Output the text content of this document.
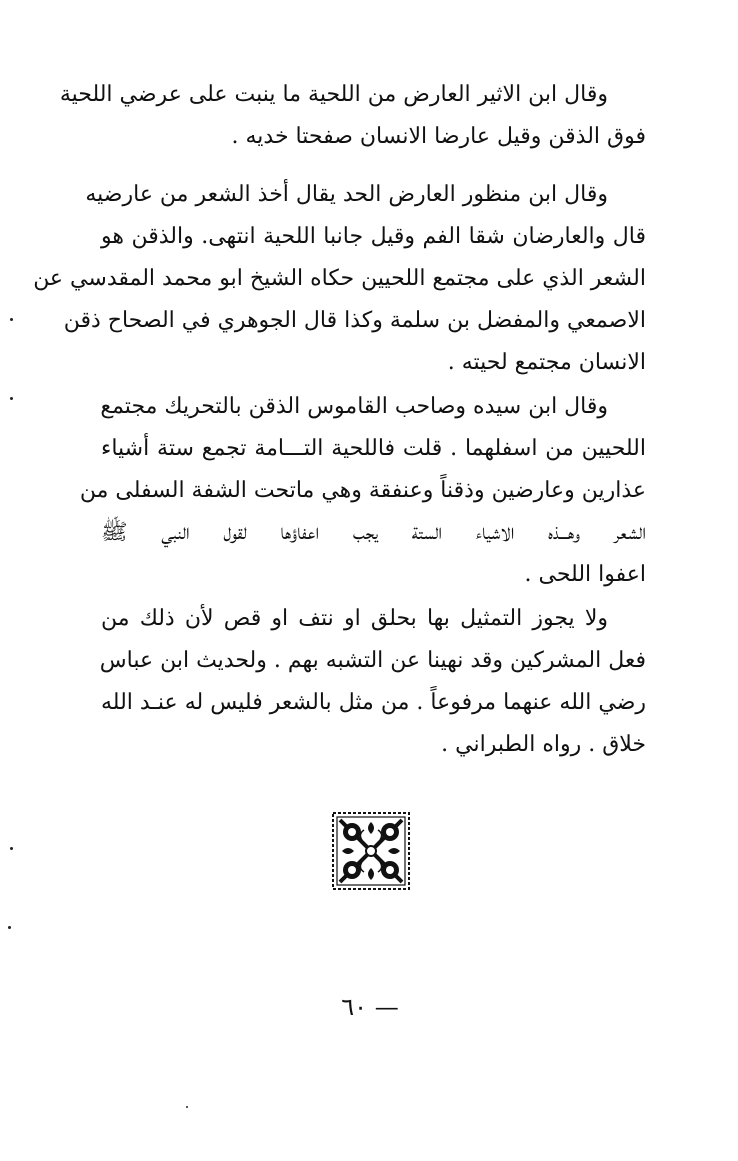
وقال ابن الاثير العارض من اللحية ما ينبت على عرضي اللحية
فوق الذقن وقيل عارضا الانسان صفحتا خديه .
وقال ابن منظور العارض الحد يقال أخذ الشعر من عارضيه
قال والعارضان شقا الفم وقيل جانبا اللحية انتهى. والذقن هو
الشعر الذي على مجتمع اللحيين حكاه الشيخ ابو محمد المقدسي عن
الاصمعي والمفضل بن سلمة وكذا قال الجوهري في الصحاح ذقن
الانسان مجتمع لحيته .
وقال ابن سيده وصاحب القاموس الذقن بالتحريك مجتمع
اللحيين من اسفلهما . قلت فاللحية التـــامة تجمع ستة أشياء
عذارين وعارضين وذقناً وعنفقة وهي ماتحت الشفة السفلى من
الشعر وهـــذه الاشياء الستة يجب اعفاؤها لقول النبي ﷺ
اعفوا اللحى .
ولا يجوز التمثيل بها بحلق او نتف او قص لأن ذلك من
فعل المشركين وقد نهينا عن التشبه بهم . ولحديث ابن عباس
رضي الله عنهما مرفوعاً . من مثل بالشعر فليس له عنـد الله
خلاق . رواه الطبراني .
— ٦٠
